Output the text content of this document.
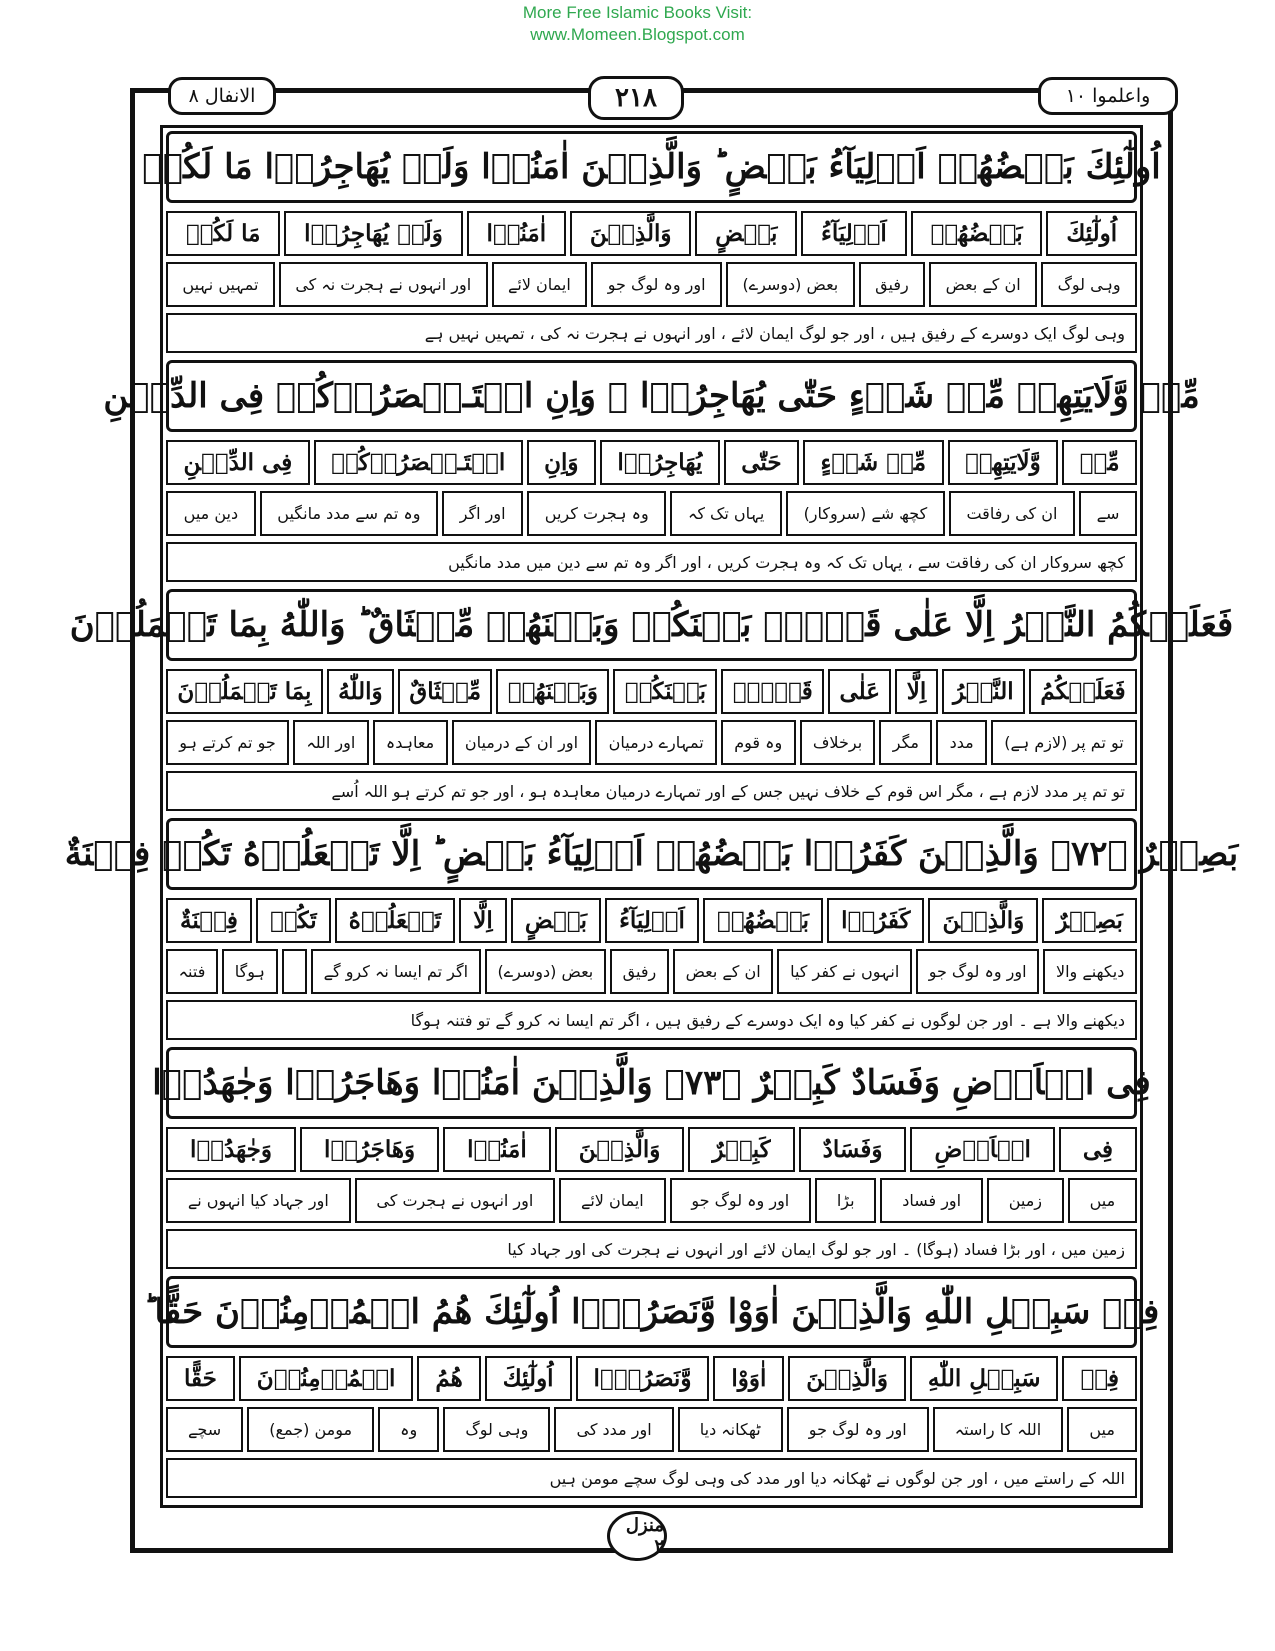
More Free Islamic Books Visit:
www.Momeen.Blogspot.com
واعلموا ١٠
٢١٨
الانفال ٨
اُولٰٓئِكَ بَعۡضُهُمۡ اَوۡلِيَآءُ بَعۡضٍ ؕ وَالَّذِيۡنَ اٰمَنُوۡا وَلَمۡ يُهَاجِرُوۡا مَا لَكُمۡ
اُولٰٓئِكَ
بَعۡضُهُمۡ
اَوۡلِيَآءُ
بَعۡضٍ
وَالَّذِيۡنَ
اٰمَنُوۡا
وَلَمۡ يُهَاجِرُوۡا
مَا لَكُمۡ
وہی لوگ
ان کے بعض
رفیق
بعض (دوسرے)
اور وہ لوگ جو
ایمان لائے
اور انہوں نے ہجرت نہ کی
تمہیں نہیں
وہی لوگ ایک دوسرے کے رفیق ہیں ، اور جو لوگ ایمان لائے ، اور انہوں نے ہجرت نہ کی ، تمہیں نہیں ہے
مِّنۡ وَّلَايَتِهِمۡ مِّنۡ شَىۡءٍ حَتّٰى يُهَاجِرُوۡا ۚ وَاِنِ اسۡتَـنۡصَرُوۡكُمۡ فِى الدِّيۡنِ
مِّنۡ
وَّلَايَتِهِمۡ
مِّنۡ شَىۡءٍ
حَتّٰى
يُهَاجِرُوۡا
وَاِنِ
اسۡتَـنۡصَرُوۡكُمۡ
فِى الدِّيۡنِ
سے
ان کی رفاقت
کچھ شے (سروکار)
یہاں تک کہ
وہ ہجرت کریں
اور اگر
وہ تم سے مدد مانگیں
دین میں
کچھ سروکار ان کی رفاقت سے ، یہاں تک کہ وہ ہجرت کریں ، اور اگر وہ تم سے دین میں مدد مانگیں
فَعَلَيۡكُمُ النَّصۡرُ اِلَّا عَلٰى قَوۡمٍۢ بَيۡنَكُمۡ وَبَيۡنَهُمۡ مِّيۡثَاقٌ ؕ وَاللّٰهُ بِمَا تَعۡمَلُوۡنَ
فَعَلَيۡكُمُ
النَّصۡرُ
اِلَّا
عَلٰى
قَوۡمٍۢ
بَيۡنَكُمۡ
وَبَيۡنَهُمۡ
مِّيۡثَاقٌ
وَاللّٰهُ
بِمَا تَعۡمَلُوۡنَ
تو تم پر (لازم ہے)
مدد
مگر
برخلاف
وہ قوم
تمہارے درمیان
اور ان کے درمیان
معاہدہ
اور اللہ
جو تم کرتے ہو
تو تم پر مدد لازم ہے ، مگر اس قوم کے خلاف نہیں جس کے اور تمہارے درمیان معاہدہ ہو ، اور جو تم کرتے ہو اللہ اُسے
بَصِيۡرٌ ﴿۷۲﴾ وَالَّذِيۡنَ كَفَرُوۡا بَعۡضُهُمۡ اَوۡلِيَآءُ بَعۡضٍ ؕ اِلَّا تَفۡعَلُوۡهُ تَكُنۡ فِتۡنَةٌ
بَصِيۡرٌ
وَالَّذِيۡنَ
كَفَرُوۡا
بَعۡضُهُمۡ
اَوۡلِيَآءُ
بَعۡضٍ
اِلَّا
تَفۡعَلُوۡهُ
تَكُنۡ
فِتۡنَةٌ
دیکھنے والا
اور وہ لوگ جو
انہوں نے کفر کیا
ان کے بعض
رفیق
بعض (دوسرے)
اگر تم ایسا نہ کرو گے
ہوگا
فتنہ
دیکھنے والا ہے ۔ اور جن لوگوں نے کفر کیا وہ ایک دوسرے کے رفیق ہیں ، اگر تم ایسا نہ کرو گے تو فتنہ ہوگا
فِى الۡاَرۡضِ وَفَسَادٌ كَبِيۡرٌ ﴿۷۳﴾ وَالَّذِيۡنَ اٰمَنُوۡا وَهَاجَرُوۡا وَجٰهَدُوۡا
فِى
الۡاَرۡضِ
وَفَسَادٌ
كَبِيۡرٌ
وَالَّذِيۡنَ
اٰمَنُوۡا
وَهَاجَرُوۡا
وَجٰهَدُوۡا
میں
زمین
اور فساد
بڑا
اور وہ لوگ جو
ایمان لائے
اور انہوں نے ہجرت کی
اور جہاد کیا انہوں نے
زمین میں ، اور بڑا فساد (ہوگا) ۔ اور جو لوگ ایمان لائے اور انہوں نے ہجرت کی اور جہاد کیا
فِىۡ سَبِيۡلِ اللّٰهِ وَالَّذِيۡنَ اٰوَوْا وَّنَصَرُوۡۤا اُولٰٓئِكَ هُمُ الۡمُؤۡمِنُوۡنَ حَقًّا ؕ
فِىۡ
سَبِيۡلِ اللّٰهِ
وَالَّذِيۡنَ
اٰوَوْا
وَّنَصَرُوۡۤا
اُولٰٓئِكَ
هُمُ
الۡمُؤۡمِنُوۡنَ
حَقًّا
میں
اللہ کا راستہ
اور وہ لوگ جو
ٹھکانہ دیا
اور مدد کی
وہی لوگ
وہ
مومن (جمع)
سچے
اللہ کے راستے میں ، اور جن لوگوں نے ٹھکانہ دیا اور مدد کی وہی لوگ سچے مومن ہیں
منزل ٢
